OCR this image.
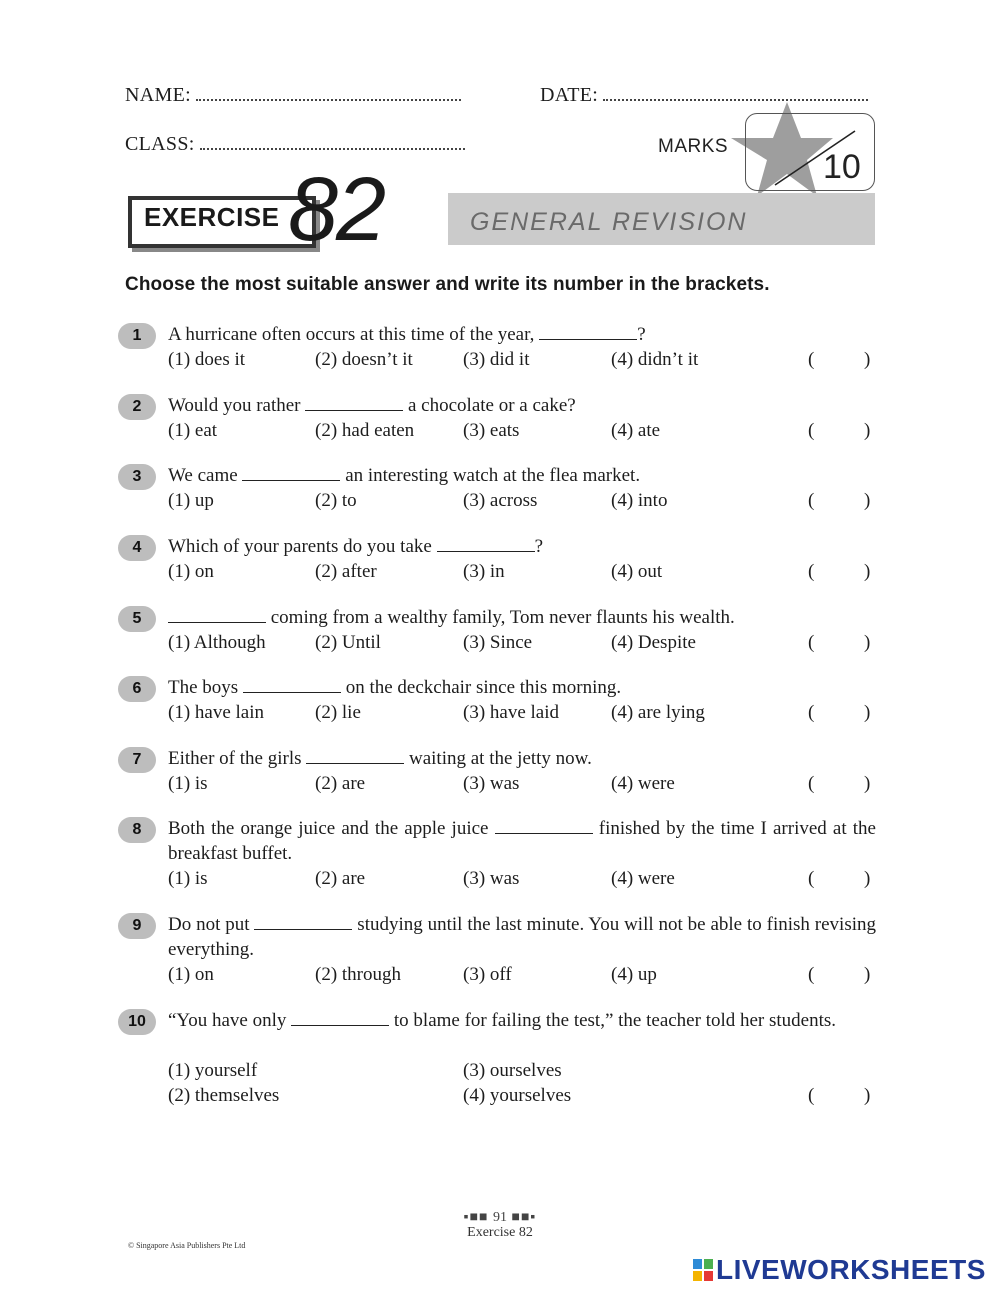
NAME:	DATE:
CLASS:	MARKS
10
EXERCISE 82	GENERAL REVISION
Choose the most suitable answer and write its number in the brackets.
1	A hurricane often occurs at this time of the year,	?
(1) does it	(2) doesn’t it	(3) did it	(4) didn’t it	(	)
2	Would you rather	a chocolate or a cake?
(1) eat	(2) had eaten	(3) eats	(4) ate	(	)
3	We came	an interesting watch at the flea market.
(1) up	(2) to	(3) across	(4) into	(	)
4	Which of your parents do you take	?
(1) on	(2) after	(3) in	(4) out	(	)
5	coming from a wealthy family, Tom never flaunts his wealth.
(1) Although	(2) Until	(3) Since	(4) Despite	(	)
6	The boys	on the deckchair since this morning.
(1) have lain	(2) lie	(3) have laid	(4) are lying	(	)
7	Either of the girls	waiting at the jetty now.
(1) is	(2) are	(3) was	(4) were	(	)
8	Both the orange juice and the apple juice	finished by the time I arrived at the breakfast buffet.
(1) is	(2) are	(3) was	(4) were	(	)
9	Do not put	studying until the last minute. You will not be able to finish revising everything.
(1) on	(2) through	(3) off	(4) up	(	)
10	“You have only	to blame for failing the test,” the teacher told her students.
(1) yourself	(3) ourselves
(2) themselves	(4) yourselves	(	)
▪■■ 91 ■■▪
Exercise 82
© Singapore Asia Publishers Pte Ltd
LIVEWORKSHEETS
